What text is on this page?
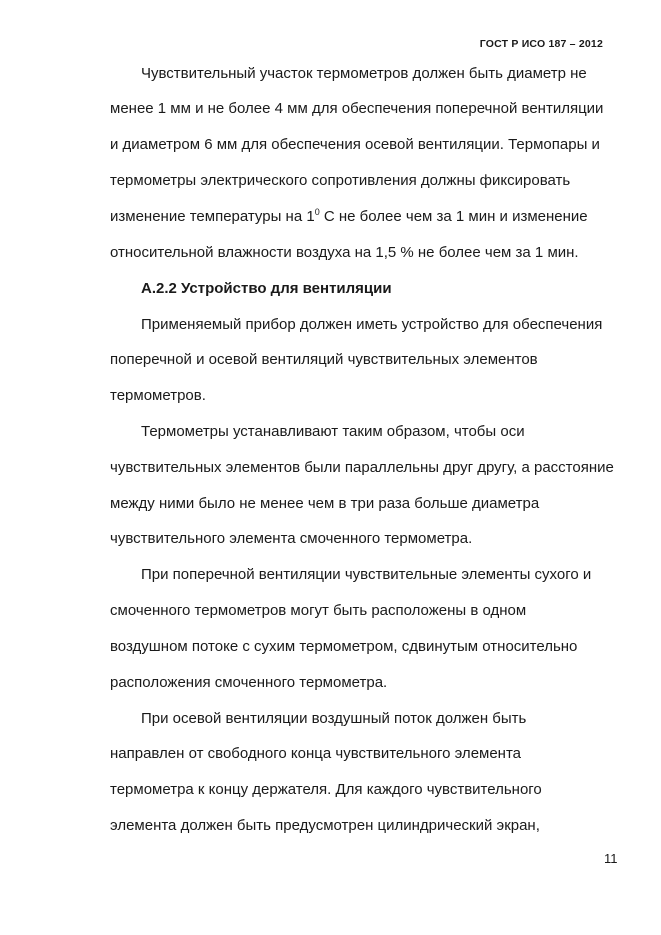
ГОСТ Р ИСО 187 – 2012
Чувствительный участок термометров должен быть диаметр не
менее 1 мм и не более 4 мм для обеспечения поперечной вентиляции
и диаметром 6 мм для обеспечения осевой вентиляции. Термопары и
термометры электрического сопротивления должны фиксировать
изменение температуры на $1^0$ С не более чем за 1 мин и изменение
относительной влажности воздуха на 1,5 % не более чем за 1 мин.
А.2.2 Устройство для вентиляции
Применяемый прибор должен иметь устройство для обеспечения
поперечной и осевой вентиляций чувствительных элементов
термометров.
Термометры устанавливают таким образом, чтобы оси
чувствительных элементов были параллельны друг другу, а расстояние
между ними было не менее чем в три раза больше диаметра
чувствительного элемента смоченного термометра.
При поперечной вентиляции чувствительные элементы сухого и
смоченного термометров могут быть расположены в одном
воздушном потоке с сухим термометром, сдвинутым относительно
расположения смоченного термометра.
При осевой вентиляции воздушный поток должен быть
направлен от свободного конца чувствительного элемента
термометра к концу держателя. Для каждого чувствительного
элемента должен быть предусмотрен цилиндрический экран,
11
